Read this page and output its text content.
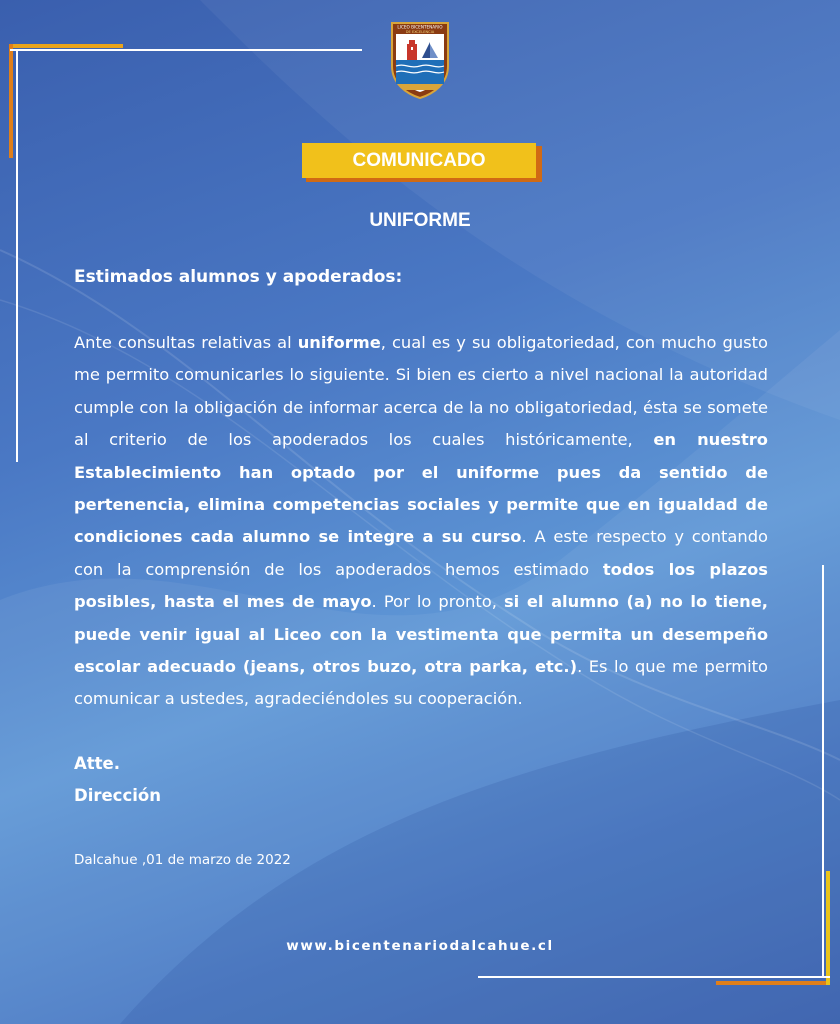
LICEO BICENTENARIO
DE EXCELENCIA
COMUNICADO
UNIFORME
Estimados alumnos y apoderados:
Ante consultas relativas al uniforme, cual es y su obligatoriedad, con mucho gusto me permito comunicarles lo siguiente. Si bien es cierto a nivel nacional la autoridad cumple con la obligación de informar acerca de la no obligatoriedad, ésta se somete al criterio de los apoderados los cuales históricamente, en nuestro Establecimiento han optado por el uniforme pues da sentido de pertenencia, elimina competencias sociales y permite que en igualdad de condiciones cada alumno se integre a su curso. A este respecto y contando con la comprensión de los apoderados hemos estimado todos los plazos posibles, hasta el mes de mayo. Por lo pronto, si el alumno (a) no lo tiene, puede venir igual al Liceo con la vestimenta que permita un desempeño escolar adecuado (jeans, otros buzo, otra parka, etc.). Es lo que me permito comunicar a ustedes, agradeciéndoles su cooperación.
Atte.
Dirección
Dalcahue ,01 de marzo de 2022
www.bicentenariodalcahue.cl
